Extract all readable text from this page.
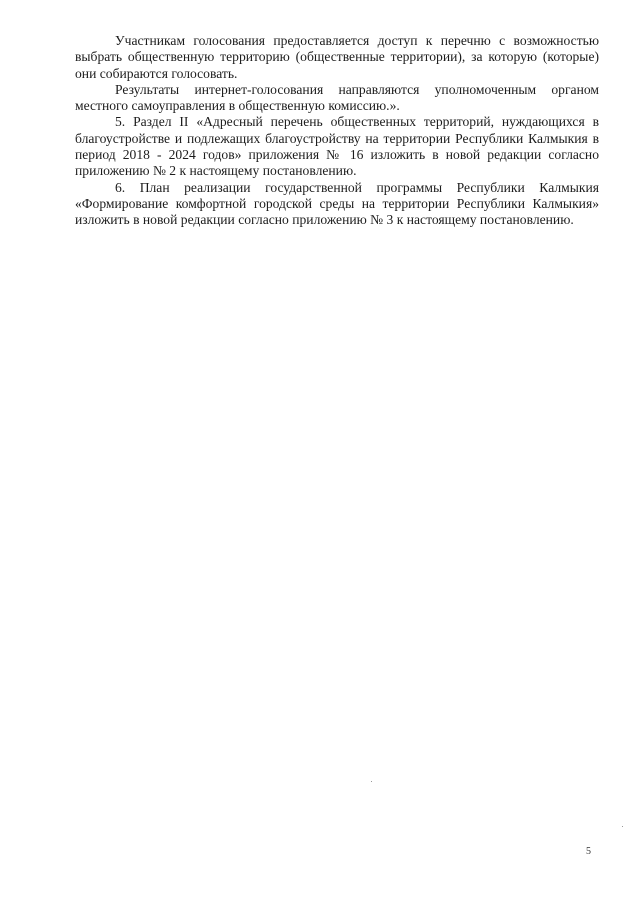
Участникам голосования предоставляется доступ к перечню с возможностью выбрать общественную территорию (общественные территории), за которую (которые) они собираются голосовать.

Результаты интернет-голосования направляются уполномоченным органом местного самоуправления в общественную комиссию.».

5. Раздел II «Адресный перечень общественных территорий, нуждающихся в благоустройстве и подлежащих благоустройству на территории Республики Калмыкия в период 2018 - 2024 годов» приложения № 16 изложить в новой редакции согласно приложению № 2 к настоящему постановлению.

6. План реализации государственной программы Республики Калмыкия «Формирование комфортной городской среды на территории Республики Калмыкия» изложить в новой редакции согласно приложению № 3 к настоящему постановлению.

5
